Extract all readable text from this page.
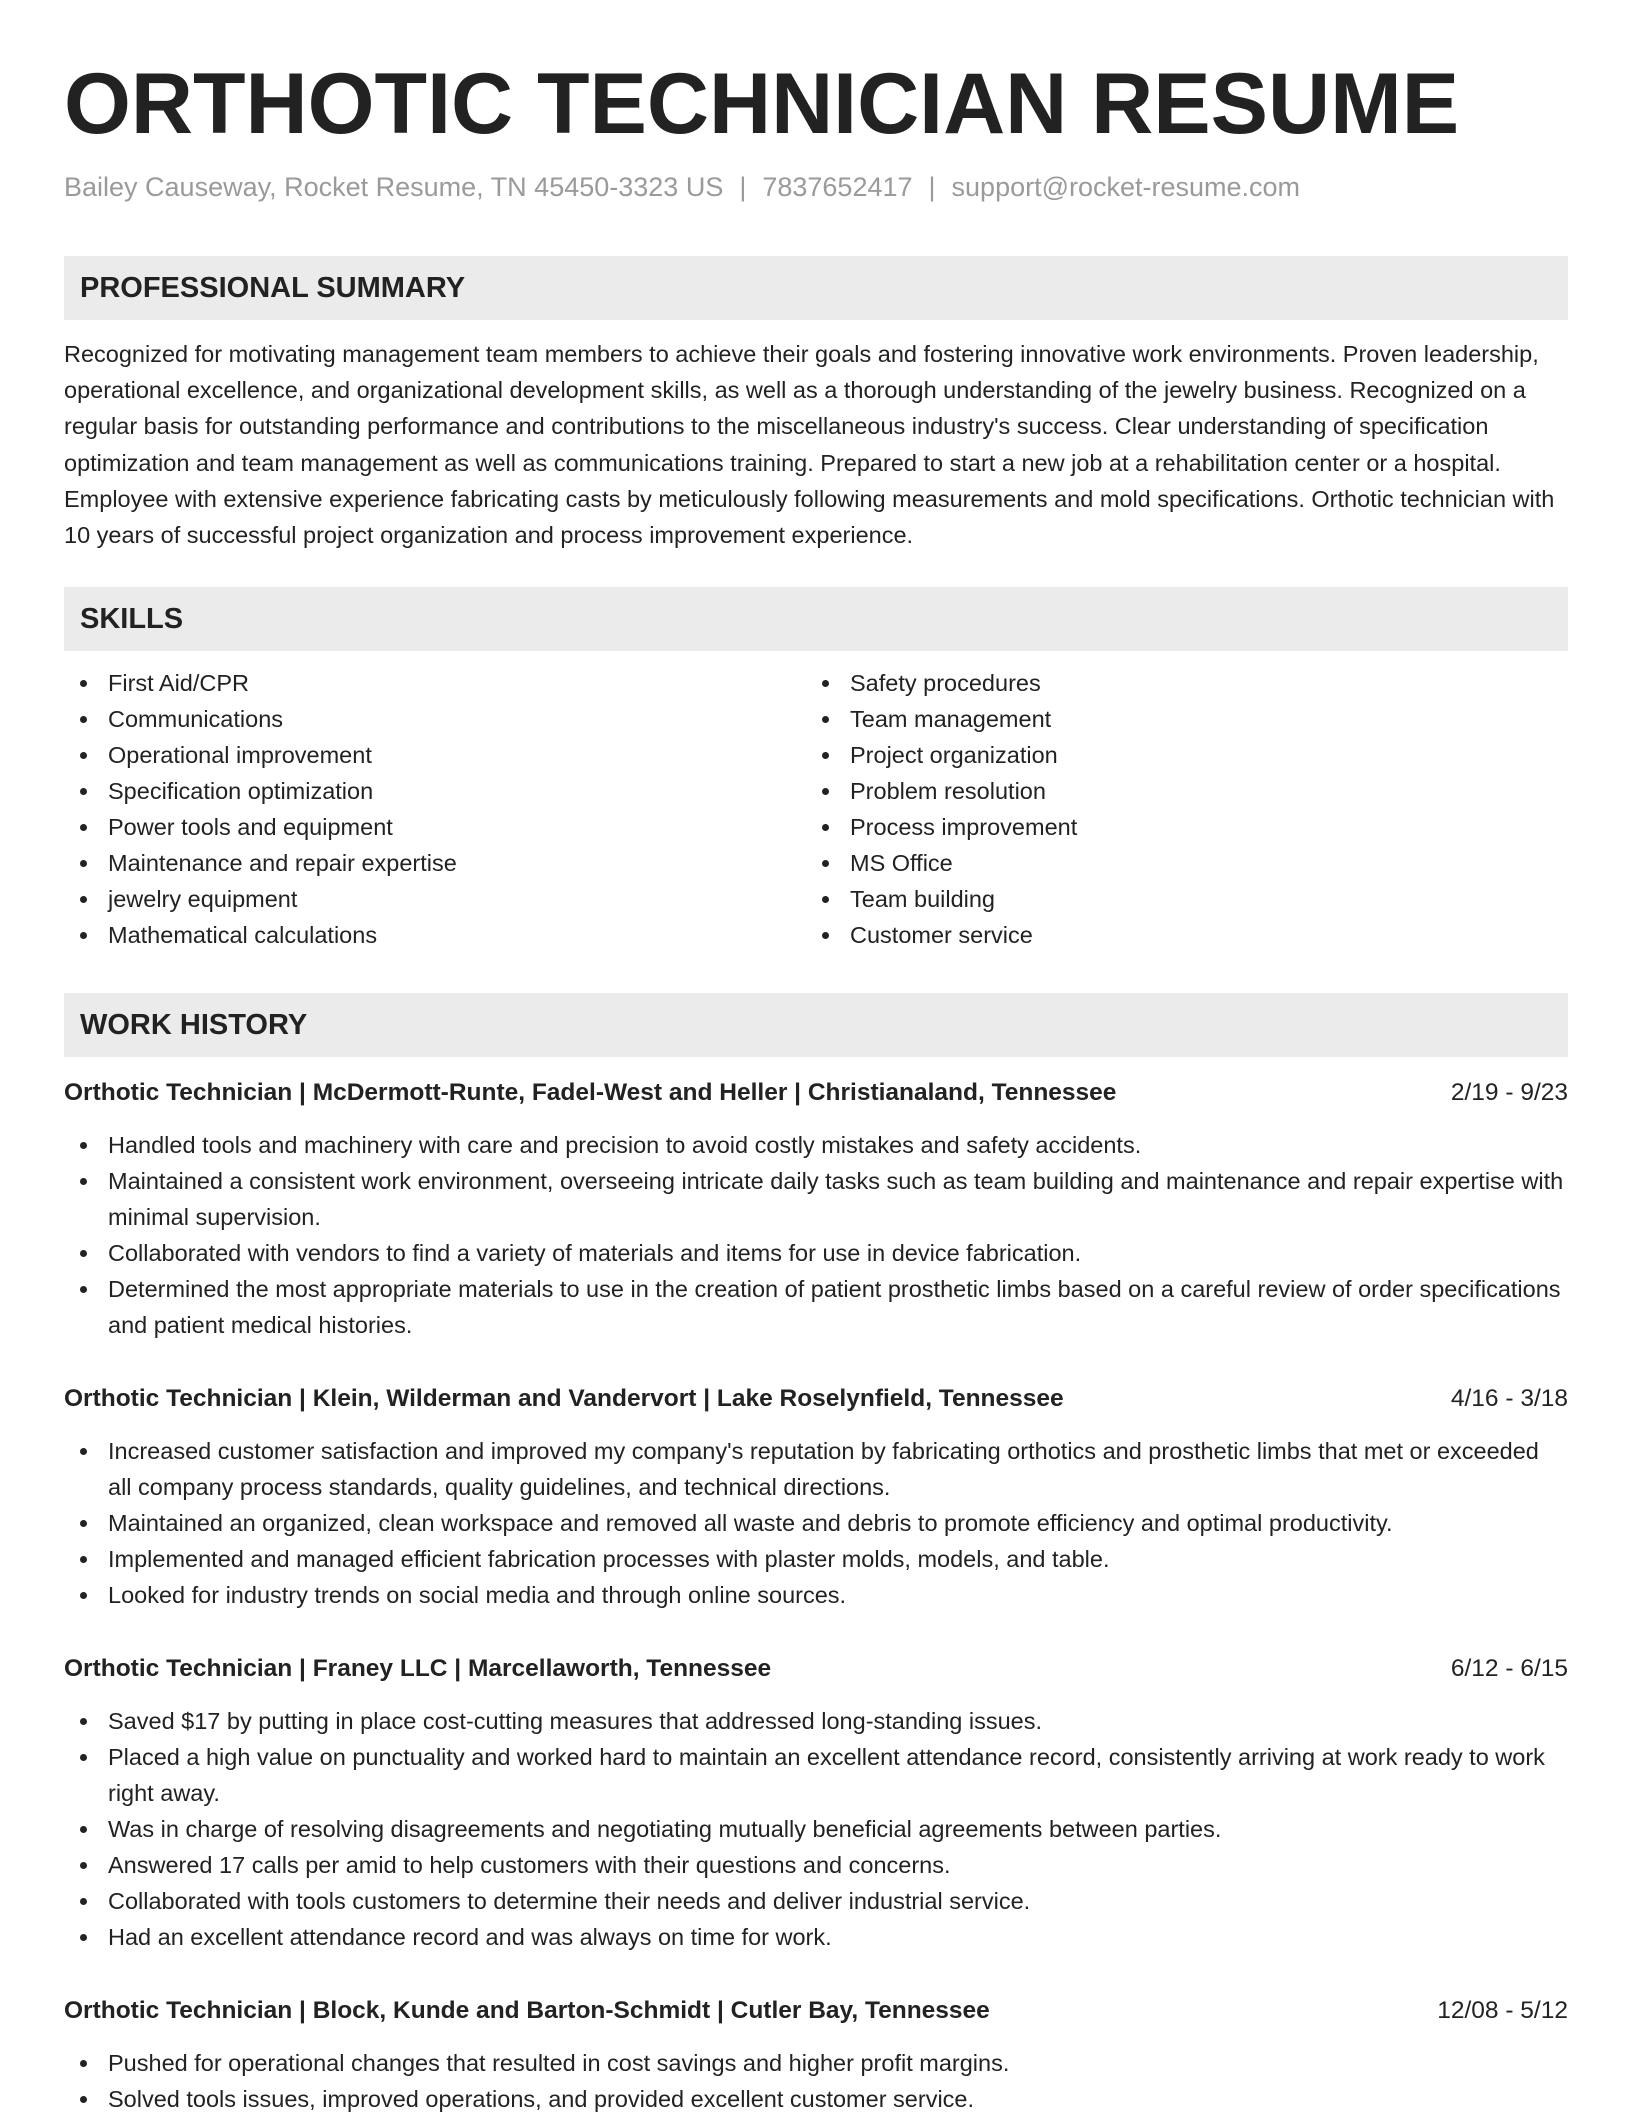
ORTHOTIC TECHNICIAN RESUME
Bailey Causeway, Rocket Resume, TN 45450-3323 US | 7837652417 | support@rocket-resume.com
PROFESSIONAL SUMMARY
Recognized for motivating management team members to achieve their goals and fostering innovative work environments. Proven leadership, operational excellence, and organizational development skills, as well as a thorough understanding of the jewelry business. Recognized on a regular basis for outstanding performance and contributions to the miscellaneous industry's success. Clear understanding of specification optimization and team management as well as communications training. Prepared to start a new job at a rehabilitation center or a hospital. Employee with extensive experience fabricating casts by meticulously following measurements and mold specifications. Orthotic technician with 10 years of successful project organization and process improvement experience.
SKILLS
First Aid/CPR
Communications
Operational improvement
Specification optimization
Power tools and equipment
Maintenance and repair expertise
jewelry equipment
Mathematical calculations
Safety procedures
Team management
Project organization
Problem resolution
Process improvement
MS Office
Team building
Customer service
WORK HISTORY
Orthotic Technician | McDermott-Runte, Fadel-West and Heller | Christianaland, Tennessee	2/19 - 9/23
Handled tools and machinery with care and precision to avoid costly mistakes and safety accidents.
Maintained a consistent work environment, overseeing intricate daily tasks such as team building and maintenance and repair expertise with minimal supervision.
Collaborated with vendors to find a variety of materials and items for use in device fabrication.
Determined the most appropriate materials to use in the creation of patient prosthetic limbs based on a careful review of order specifications and patient medical histories.
Orthotic Technician | Klein, Wilderman and Vandervort | Lake Roselynfield, Tennessee	4/16 - 3/18
Increased customer satisfaction and improved my company's reputation by fabricating orthotics and prosthetic limbs that met or exceeded all company process standards, quality guidelines, and technical directions.
Maintained an organized, clean workspace and removed all waste and debris to promote efficiency and optimal productivity.
Implemented and managed efficient fabrication processes with plaster molds, models, and table.
Looked for industry trends on social media and through online sources.
Orthotic Technician | Franey LLC | Marcellaworth, Tennessee	6/12 - 6/15
Saved $17 by putting in place cost-cutting measures that addressed long-standing issues.
Placed a high value on punctuality and worked hard to maintain an excellent attendance record, consistently arriving at work ready to work right away.
Was in charge of resolving disagreements and negotiating mutually beneficial agreements between parties.
Answered 17 calls per amid to help customers with their questions and concerns.
Collaborated with tools customers to determine their needs and deliver industrial service.
Had an excellent attendance record and was always on time for work.
Orthotic Technician | Block, Kunde and Barton-Schmidt | Cutler Bay, Tennessee	12/08 - 5/12
Pushed for operational changes that resulted in cost savings and higher profit margins.
Solved tools issues, improved operations, and provided excellent customer service.
